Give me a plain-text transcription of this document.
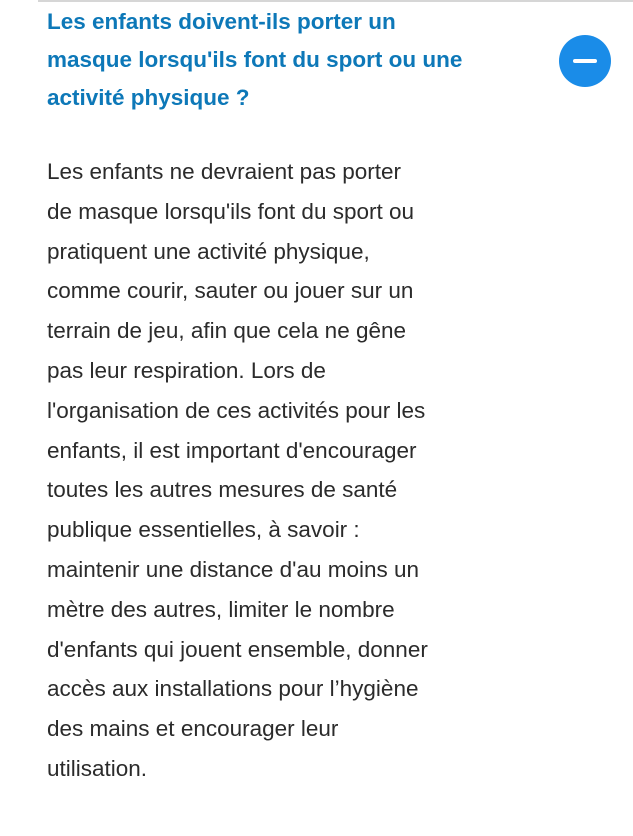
Les enfants doivent-ils porter un
masque lorsqu'ils font du sport ou une
activité physique ?
Les enfants ne devraient pas porter
de masque lorsqu'ils font du sport ou
pratiquent une activité physique,
comme courir, sauter ou jouer sur un
terrain de jeu, afin que cela ne gêne
pas leur respiration. Lors de
l'organisation de ces activités pour les
enfants, il est important d'encourager
toutes les autres mesures de santé
publique essentielles, à savoir :
maintenir une distance d'au moins un
mètre des autres, limiter le nombre
d'enfants qui jouent ensemble, donner
accès aux installations pour l’hygiène
des mains et encourager leur
utilisation.
